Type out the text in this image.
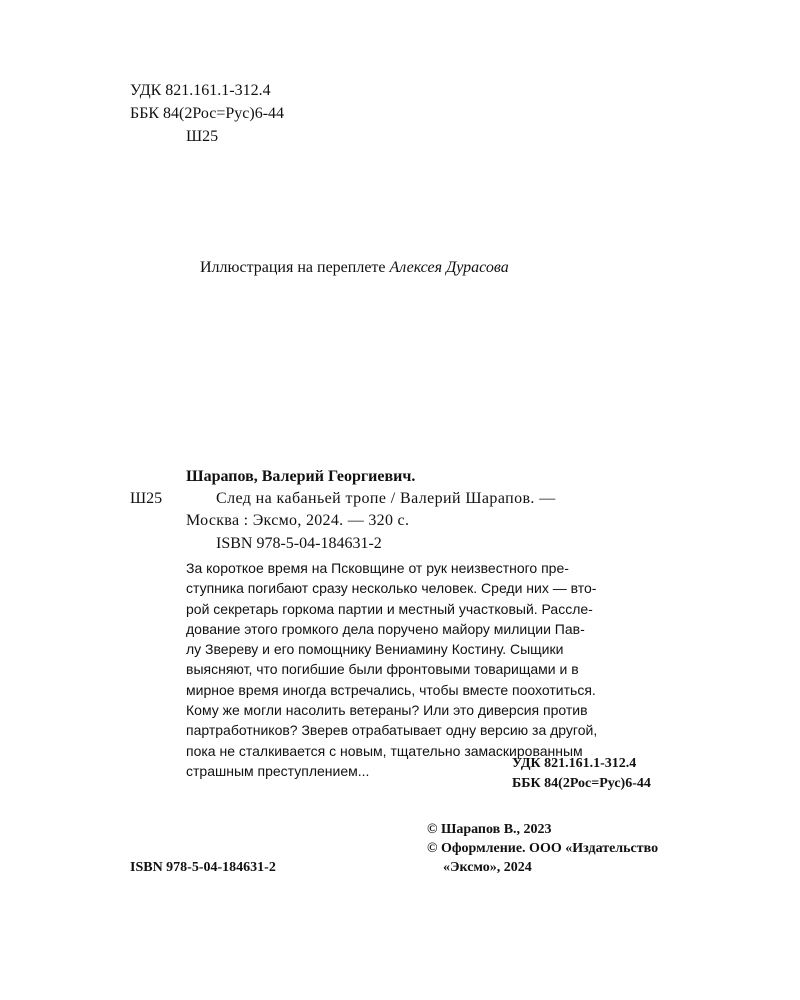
УДК 821.161.1-312.4
ББК 84(2Рос=Рус)6-44
Ш25
Иллюстрация на переплете Алексея Дурасова
Шарапов, Валерий Георгиевич.
Ш25	След на кабаньей тропе / Валерий Шарапов. —
Москва : Эксмо, 2024. — 320 с.
ISBN 978-5-04-184631-2
За короткое время на Псковщине от рук неизвестного пре-
ступника погибают сразу несколько человек. Среди них — вто-
рой секретарь горкома партии и местный участковый. Рассле-
дование этого громкого дела поручено майору милиции Пав-
лу Звереву и его помощнику Вениамину Костину. Сыщики
выясняют, что погибшие были фронтовыми товарищами и в
мирное время иногда встречались, чтобы вместе поохотиться.
Кому же могли насолить ветераны? Или это диверсия против
партработников? Зверев отрабатывает одну версию за другой,
пока не сталкивается с новым, тщательно замаскированным
страшным преступлением...	УДК 821.161.1-312.4
ББК 84(2Рос=Рус)6-44
© Шарапов В., 2023
© Оформление. ООО «Издательство
«Эксмо», 2024
ISBN 978-5-04-184631-2
